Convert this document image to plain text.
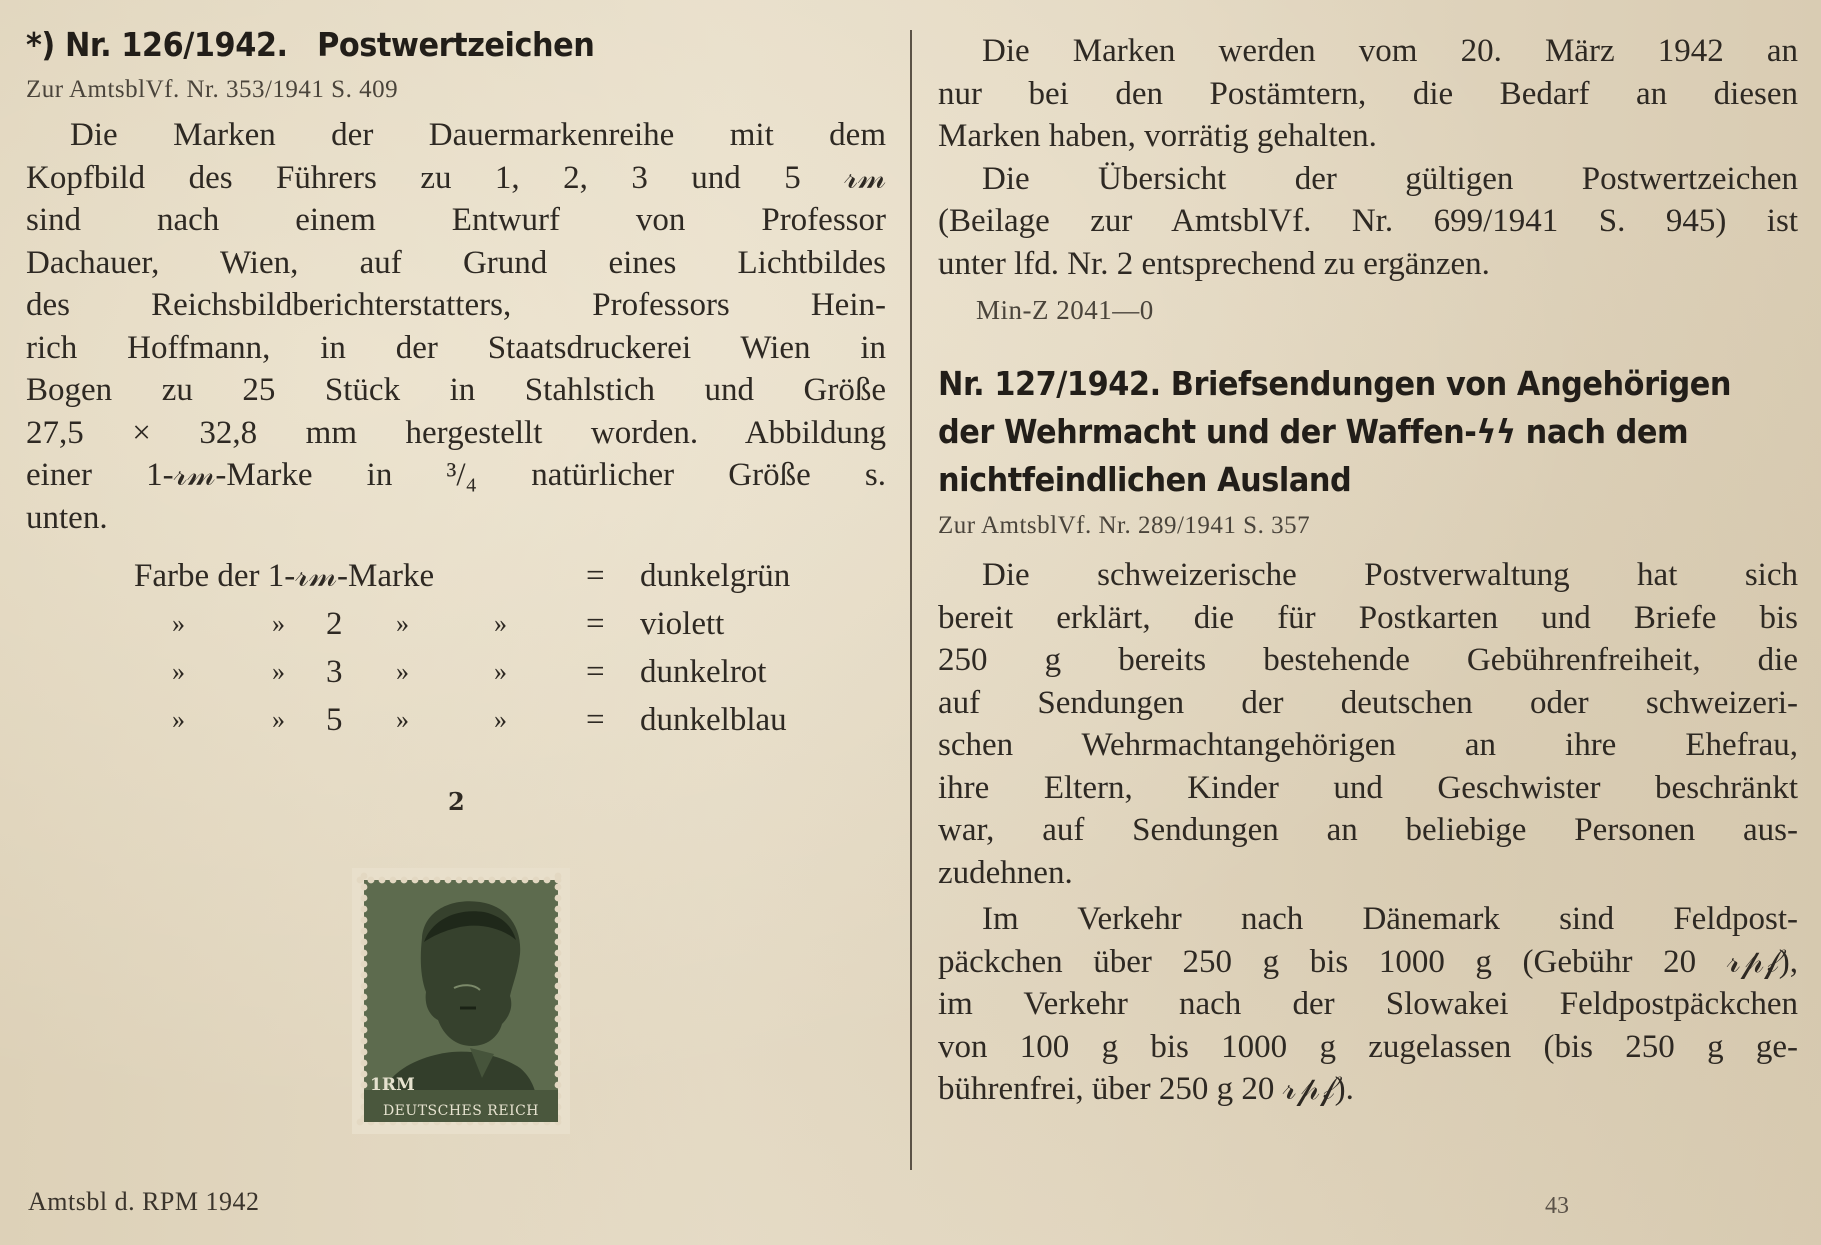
*) Nr. 126/1942. Postwertzeichen
Zur AmtsblVf. Nr. 353/1941 S. 409
Die Marken der Dauermarkenreihe mit dem
Kopfbild des Führers zu 1, 2, 3 und 5 𝓇𝓂
sind nach einem Entwurf von Professor
Dachauer, Wien, auf Grund eines Lichtbildes
des Reichsbildberichterstatters, Professors Hein-
rich Hoffmann, in der Staatsdruckerei Wien in
Bogen zu 25 Stück in Stahlstich und Größe
27,5 × 32,8 mm hergestellt worden. Abbildung
einer 1-𝓇𝓂-Marke in ³/₄ natürlicher Größe s.
unten.
Farbe der 1-𝓇𝓂-Marke	= dunkelgrün
»	» 2 »	» = violett
»	» 3 »	» = dunkelrot
»	» 5 »	» = dunkelblau
2
1RM
DEUTSCHES REICH
Amtsbl d. RPM 1942
Die Marken werden vom 20. März 1942 an
nur bei den Postämtern, die Bedarf an diesen
Marken haben, vorrätig gehalten.
Die Übersicht der gültigen Postwertzeichen
(Beilage zur AmtsblVf. Nr. 699/1941 S. 945) ist
unter lfd. Nr. 2 entsprechend zu ergänzen.
Min-Z 2041—0
Nr. 127/1942. Briefsendungen von Angehörigen
der Wehrmacht und der Waffen-ϟϟ nach dem
nichtfeindlichen Ausland
Zur AmtsblVf. Nr. 289/1941 S. 357
Die schweizerische Postverwaltung hat sich
bereit erklärt, die für Postkarten und Briefe bis
250 g bereits bestehende Gebührenfreiheit, die
auf Sendungen der deutschen oder schweizeri-
schen Wehrmachtangehörigen an ihre Ehefrau,
ihre Eltern, Kinder und Geschwister beschränkt
war, auf Sendungen an beliebige Personen aus-
zudehnen.
Im Verkehr nach Dänemark sind Feldpost-
päckchen über 250 g bis 1000 g (Gebühr 20 𝓇𝓅𝒻),
im Verkehr nach der Slowakei Feldpostpäckchen
von 100 g bis 1000 g zugelassen (bis 250 g ge-
bührenfrei, über 250 g 20 𝓇𝓅𝒻).
43
